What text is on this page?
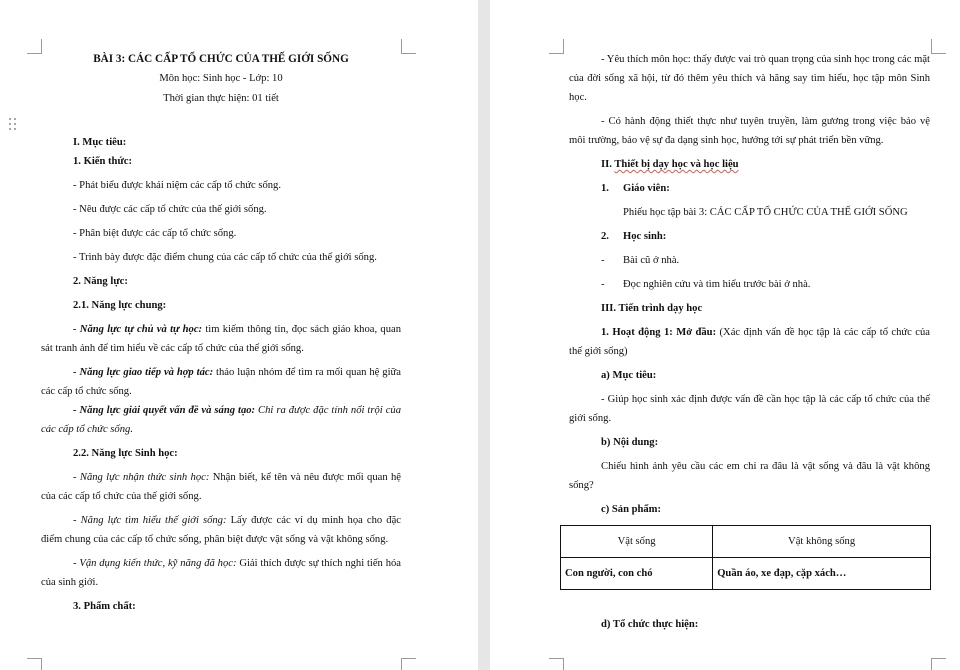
BÀI 3: CÁC CẤP TỔ CHỨC CỦA THẾ GIỚI SỐNG

Môn học: Sinh học - Lớp: 10

Thời gian thực hiện: 01 tiết

I. Mục tiêu:

1. Kiến thức:

- Phát biểu được khái niệm các cấp tổ chức sống.

- Nêu được các cấp tổ chức của thế giới sống.

- Phân biệt được các cấp tổ chức sống.

- Trình bày được đặc điểm chung của các cấp tổ chức của thế giới sống.

2. Năng lực:

2.1. Năng lực chung:

- Năng lực tự chủ và tự học: tìm kiếm thông tin, đọc sách giáo khoa, quan sát tranh ảnh để tìm hiểu về các cấp tổ chức của thế giới sống.

- Năng lực giao tiếp và hợp tác: thảo luận nhóm để tìm ra mối quan hệ giữa các cấp tổ chức sống.

- Năng lực giải quyết vấn đề và sáng tạo: Chỉ ra được đặc tính nổi trội của các cấp tổ chức sống.

2.2. Năng lực Sinh học:

- Năng lực nhận thức sinh học: Nhận biết, kể tên và nêu được mối quan hệ của các cấp tổ chức của thế giới sống.

- Năng lực tìm hiểu thế giới sống: Lấy được các ví dụ minh họa cho đặc điểm chung của các cấp tổ chức sống, phân biệt được vật sống và vật không sống.

- Vận dụng kiến thức, kỹ năng đã học: Giải thích được sự thích nghi tiến hóa của sinh giới.

3. Phẩm chất:

- Yêu thích môn học: thấy được vai trò quan trọng của sinh học trong các mặt của đời sống xã hội, từ đó thêm yêu thích và hăng say tìm hiểu, học tập môn Sinh học.

- Có hành động thiết thực như tuyên truyền, làm gương trong việc bảo vệ môi trường, bảo vệ sự đa dạng sinh học, hướng tới sự phát triển bền vững.

II. Thiết bị dạy học và học liệu

1. Giáo viên:

Phiếu học tập bài 3: CÁC CẤP TỔ CHỨC CỦA THẾ GIỚI SỐNG

2. Học sinh:

- Bài cũ ở nhà.

- Đọc nghiên cứu và tìm hiểu trước bài ở nhà.

III. Tiến trình dạy học

1. Hoạt động 1: Mở đầu: (Xác định vấn đề học tập là các cấp tổ chức của thế giới sống)

a) Mục tiêu:

- Giúp học sinh xác định được vấn đề cần học tập là các cấp tổ chức của thế giới sống.

b) Nội dung:

Chiếu hình ảnh yêu cầu các em chỉ ra đâu là vật sống và đâu là vật không sống?

c) Sản phẩm:

Vật sống	Vật không sống
Con người, con chó	Quần áo, xe đạp, cặp xách…

d) Tổ chức thực hiện:
